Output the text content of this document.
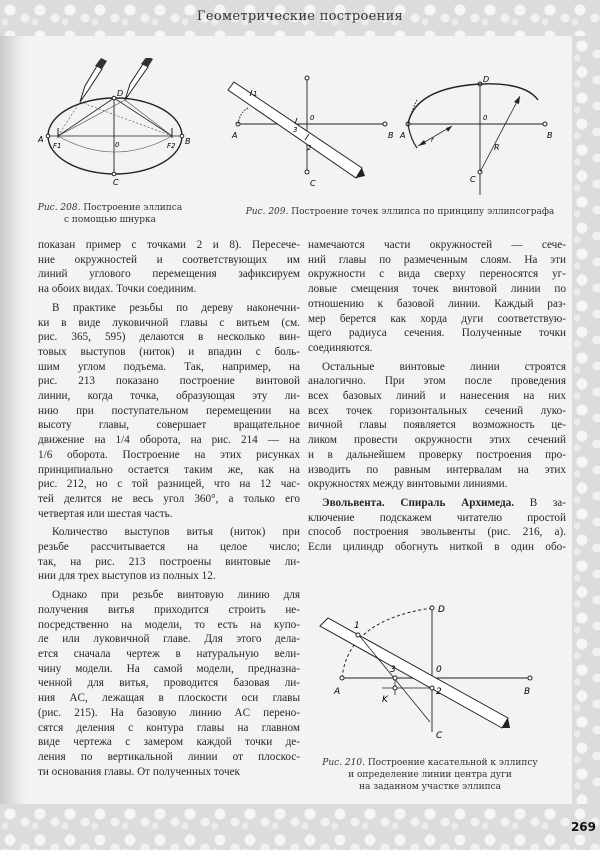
Геометрические построения
A	B
C
D
0
F1	F2
Рис. 208. Построение эллипса
с помощью шнурка
A	B
C
0
1
2
3
A	B
C
D
0
r
R
Рис. 209. Построение точек эллипса по принципу эллипсографа
показан пример с точками 2 и 8). Пересече-
ние окружностей и соответствующих им
линий углового перемещения зафиксируем
на обоих видах. Точки соединим.
В практике резьбы по дереву наконечни-
ки в виде луковичной главы с витьем (см.
рис. 365, 595) делаются в несколько вин-
товых выступов (ниток) и впадин с боль-
шим углом подъема. Так, например, на
рис. 213 показано построение винтовой
линии, когда точка, образующая эту ли-
нию при поступательном перемещении на
высоту главы, совершает вращательное
движение на 1/4 оборота, на рис. 214 — на
1/6 оборота. Построение на этих рисунках
принципиально остается таким же, как на
рис. 212, но с той разницей, что на 12 час-
тей делится не весь угол 360°, а только его
четвертая или шестая часть.
Количество выступов витья (ниток) при
резьбе рассчитывается на целое число;
так, на рис. 213 построены винтовые ли-
нии для трех выступов из полных 12.
Однако при резьбе винтовую линию для
получения витья приходится строить не-
посредственно на модели, то есть на купо-
ле или луковичной главе. Для этого дела-
ется сначала чертеж в натуральную вели-
чину модели. На самой модели, предназна-
ченной для витья, проводится базовая ли-
ния AC, лежащая в плоскости оси главы
(рис. 215). На базовую линию AC перено-
сятся деления с контура главы на главном
виде чертежа с замером каждой точки де-
ления по вертикальной линии от плоскос-
ти основания главы. От полученных точек
намечаются части окружностей — сече-
ний главы по размеченным слоям. На эти
окружности с вида сверху переносятся уг-
ловые смещения точек винтовой линии по
отношению к базовой линии. Каждый раз-
мер берется как хорда дуги соответствую-
щего радиуса сечения. Полученные точки
соединяются.
Остальные винтовые линии строятся
аналогично. При этом после проведения
всех базовых линий и нанесения на них
всех точек горизонтальных сечений луко-
вичной главы появляется возможность це-
ликом провести окружности этих сечений
и в дальнейшем проверку построения про-
изводить по равным интервалам на этих
окружностях между винтовыми линиями.
Эвольвента. Спираль Архимеда. В за-
ключение подскажем читателю простой
способ построения эвольвенты (рис. 216, а).
Если цилиндр обогнуть ниткой в один обо-
A	B
C
D
0
K
1
2
3
Рис. 210. Построение касательной к эллипсу
и определение линии центра дуги
на заданном участке эллипса
269
